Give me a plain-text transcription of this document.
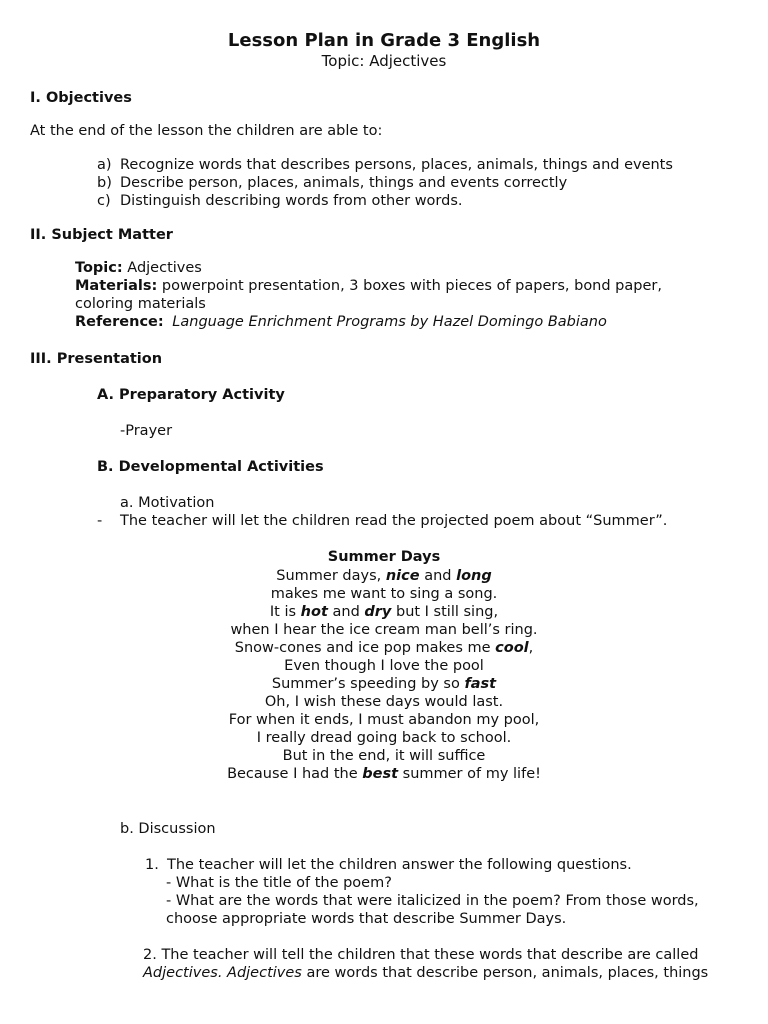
Lesson Plan in Grade 3 English
Topic: Adjectives
I. Objectives
At the end of the lesson the children are able to:
a) Recognize words that describes persons, places, animals, things and events
b) Describe person, places, animals, things and events correctly
c) Distinguish describing words from other words.
II. Subject Matter
Topic: Adjectives
Materials: powerpoint presentation, 3 boxes with pieces of papers, bond paper,
coloring materials
Reference: Language Enrichment Programs by Hazel Domingo Babiano
III. Presentation
A. Preparatory Activity
-Prayer
B. Developmental Activities
a. Motivation
- The teacher will let the children read the projected poem about “Summer”.
Summer Days
Summer days, nice and long
makes me want to sing a song.
It is hot and dry but I still sing,
when I hear the ice cream man bell’s ring.
Snow-cones and ice pop makes me cool,
Even though I love the pool
Summer’s speeding by so fast
Oh, I wish these days would last.
For when it ends, I must abandon my pool,
I really dread going back to school.
But in the end, it will suffice
Because I had the best summer of my life!
b. Discussion
1. The teacher will let the children answer the following questions.
- What is the title of the poem?
- What are the words that were italicized in the poem? From those words,
choose appropriate words that describe Summer Days.
2. The teacher will tell the children that these words that describe are called
Adjectives. Adjectives are words that describe person, animals, places, things
